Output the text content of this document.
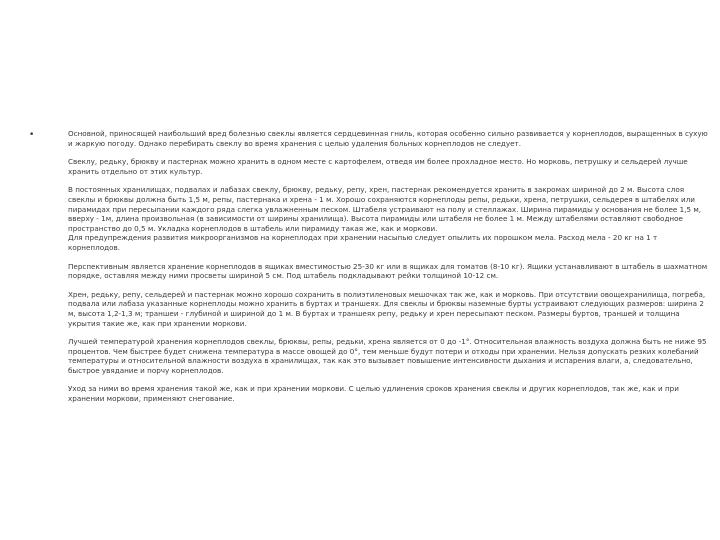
•	Основной, приносящей наибольший вред болезнью свеклы является сердцевинная гниль, которая особенно сильно развивается у корнеплодов, выращенных в сухую и жаркую погоду. Однако перебирать свеклу во время хранения с целью удаления больных корнеплодов не следует.

Свеклу, редьку, брюкву и пастернак можно хранить в одном месте с картофелем, отведя им более прохладное место. Но морковь, петрушку и сельдерей лучше хранить отдельно от этих культур.

В постоянных хранилищах, подвалах и лабазах свеклу, брюкву, редьку, репу, хрен, пастернак рекомендуется хранить в закромах шириной до 2 м. Высота слоя свеклы и брюквы должна быть 1,5 м, репы, пастернака и хрена - 1 м. Хорошо сохраняются корнеплоды репы, редьки, хрена, петрушки, сельдерея в штабелях или пирамидах при пересыпании каждого ряда слегка увлажненным песком. Штабеля устраивают на полу и стеллажах. Ширина пирамиды у основания не более 1,5 м, вверху - 1м, длина произвольная (в зависимости от ширины хранилища). Высота пирамиды или штабеля не более 1 м. Между штабелями оставляют свободное пространство до 0,5 м. Укладка корнеплодов в штабель или пирамиду такая же, как и моркови.

Для предупреждения развития микроорганизмов на корнеплодах при хранении насыпью следует опылить их порошком мела. Расход мела - 20 кг на 1 т корнеплодов.

Перспективным является хранение корнеплодов в ящиках вместимостью 25-30 кг или в ящиках для томатов (8-10 кг). Ящики устанавливают в штабель в шахматном порядке, оставляя между ними просветы шириной 5 см. Под штабель подкладывают рейки толщиной 10-12 см.

Хрен, редьку, репу, сельдерей и пастернак можно хорошо сохранить в полиэтиленовых мешочках так же, как и морковь. При отсутствии овощехранилища, погреба, подвала или лабаза указанные корнеплоды можно хранить в буртах и траншеях. Для свеклы и брюквы наземные бурты устраивают следующих размеров: ширина 2 м, высота 1,2-1,3 м; траншеи - глубиной и шириной до 1 м. В буртах и траншеях репу, редьку и хрен пересыпают песком. Размеры буртов, траншей и толщина укрытия такие же, как при хранении моркови.

Лучшей температурой хранения корнеплодов свеклы, брюквы, репы, редьки, хрена является от 0 до -1°. Относительная влажность воздуха должна быть не ниже 95 процентов. Чем быстрее будет снижена температура в массе овощей до 0°, тем меньше будут потери и отходы при хранении. Нельзя допускать резких колебаний температуры и относительной влажности воздуха в хранилищах, так как это вызывает повышение интенсивности дыхания и испарения влаги, а, следовательно, быстрое увядание и порчу корнеплодов.

Уход за ними во время хранения такой же, как и при хранении моркови. С целью удлинения сроков хранения свеклы и других корнеплодов, так же, как и при хранении моркови, применяют снегование.
